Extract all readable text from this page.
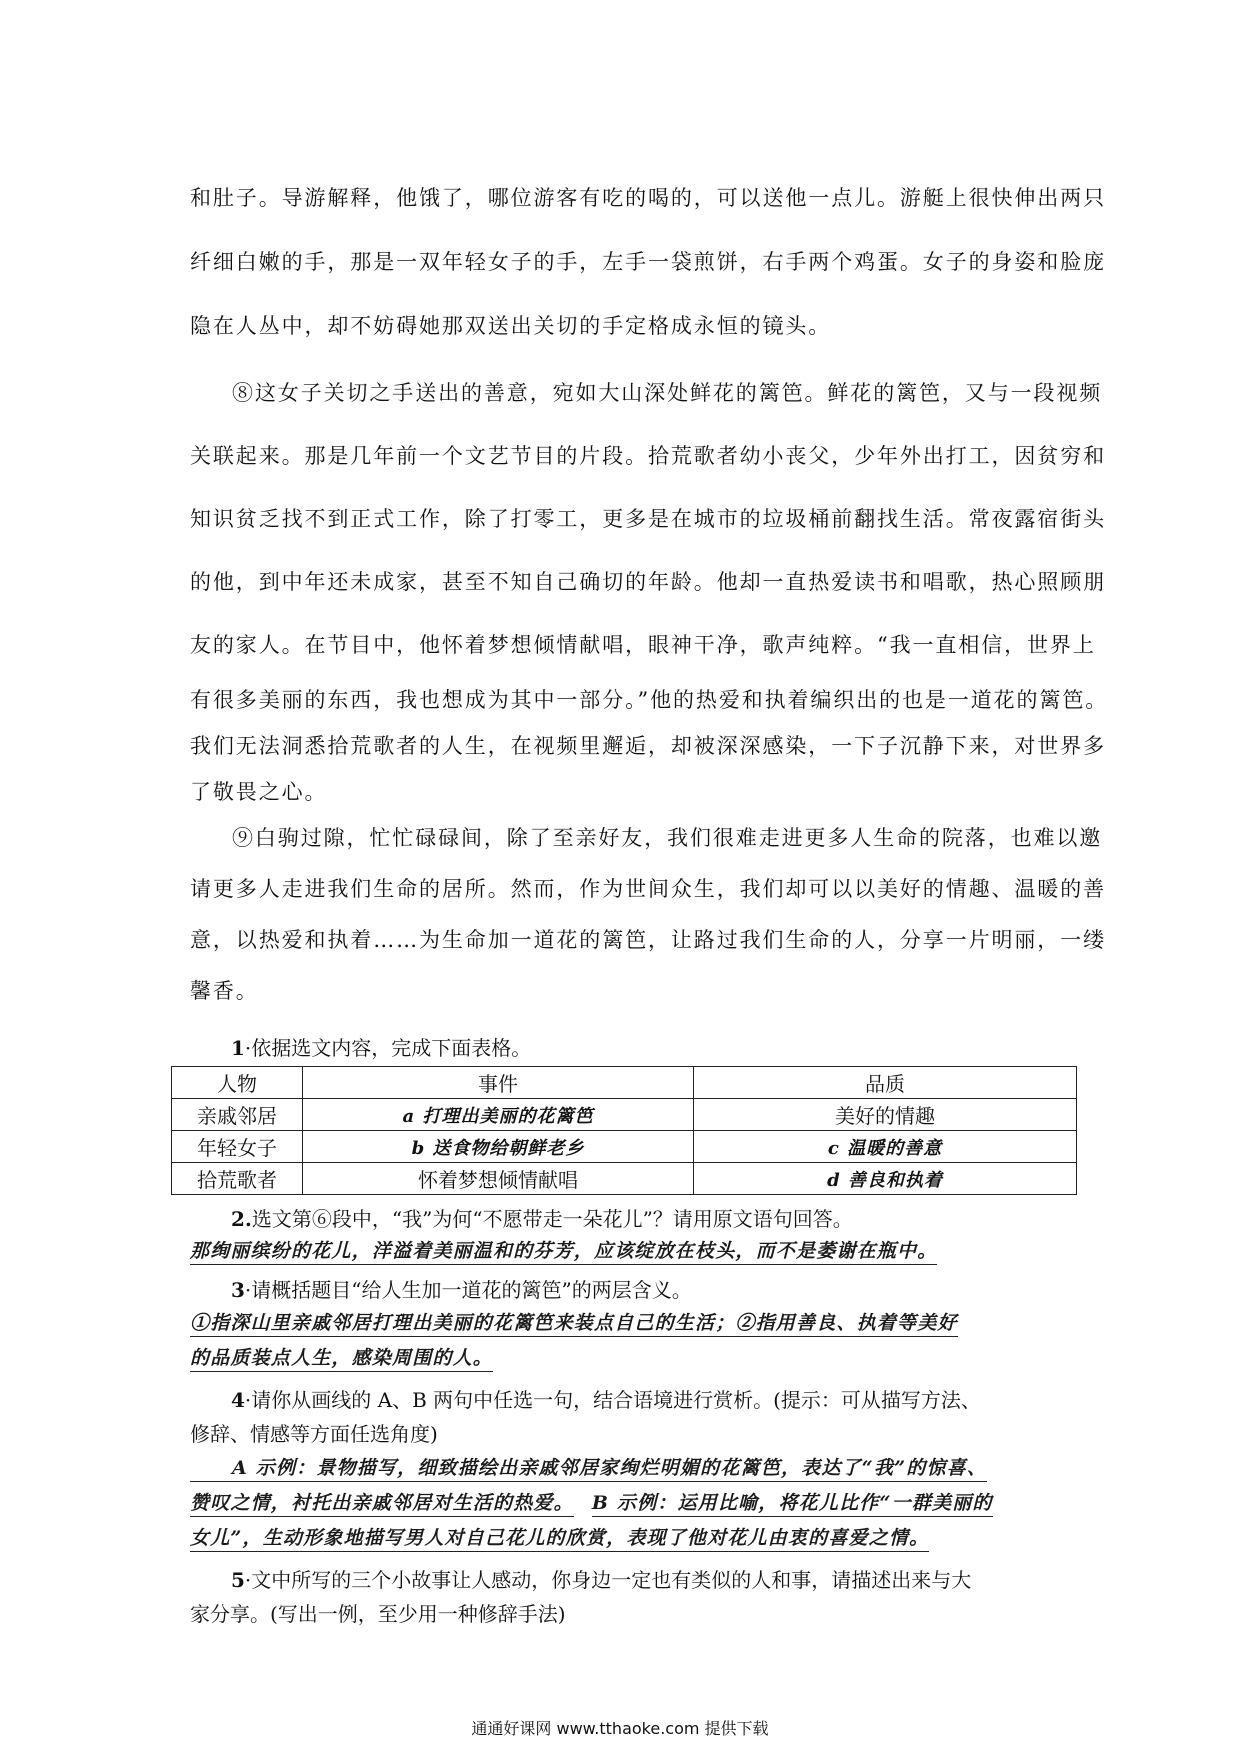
和肚子。导游解释，他饿了，哪位游客有吃的喝的，可以送他一点儿。游艇上很快伸出两只
纤细白嫩的手，那是一双年轻女子的手，左手一袋煎饼，右手两个鸡蛋。女子的身姿和脸庞
隐在人丛中，却不妨碍她那双送出关切的手定格成永恒的镜头。

⑧这女子关切之手送出的善意，宛如大山深处鲜花的篱笆。鲜花的篱笆，又与一段视频
关联起来。那是几年前一个文艺节目的片段。拾荒歌者幼小丧父，少年外出打工，因贫穷和
知识贫乏找不到正式工作，除了打零工，更多是在城市的垃圾桶前翻找生活。常夜露宿街头
的他，到中年还未成家，甚至不知自己确切的年龄。他却一直热爱读书和唱歌，热心照顾朋
友的家人。在节目中，他怀着梦想倾情献唱，眼神干净，歌声纯粹。“我一直相信，世界上
有很多美丽的东西，我也想成为其中一部分。”他的热爱和执着编织出的也是一道花的篱笆。
我们无法洞悉拾荒歌者的人生，在视频里邂逅，却被深深感染，一下子沉静下来，对世界多
了敬畏之心。

⑨白驹过隙，忙忙碌碌间，除了至亲好友，我们很难走进更多人生命的院落，也难以邀
请更多人走进我们生命的居所。然而，作为世间众生，我们却可以以美好的情趣、温暖的善
意，以热爱和执着……为生命加一道花的篱笆，让路过我们生命的人，分享一片明丽，一缕
馨香。

1·依据选文内容，完成下面表格。

人物	事件	品质
亲戚邻居	a 打理出美丽的花篱笆	美好的情趣
年轻女子	b 送食物给朝鲜老乡	c 温暖的善意
拾荒歌者	怀着梦想倾情献唱	d 善良和执着

2.选文第⑥段中，“我”为何“不愿带走一朵花儿”？请用原文语句回答。

那绚丽缤纷的花儿，洋溢着美丽温和的芬芳，应该绽放在枝头，而不是萎谢在瓶中。

3·请概括题目“给人生加一道花的篱笆”的两层含义。

①指深山里亲戚邻居打理出美丽的花篱笆来装点自己的生活；②指用善良、执着等美好
的品质装点人生，感染周围的人。

4·请你从画线的 A、B 两句中任选一句，结合语境进行赏析。(提示：可从描写方法、

修辞、情感等方面任选角度)

A 示例：景物描写，细致描绘出亲戚邻居家绚烂明媚的花篱笆，表达了“我”的惊喜、
赞叹之情，衬托出亲戚邻居对生活的热爱。 B 示例：运用比喻，将花儿比作“一群美丽的
女儿”，生动形象地描写男人对自己花儿的欣赏，表现了他对花儿由衷的喜爱之情。

5·文中所写的三个小故事让人感动，你身边一定也有类似的人和事，请描述出来与大

家分享。(写出一例，至少用一种修辞手法)

通通好课网 www.tthaoke.com 提供下载
